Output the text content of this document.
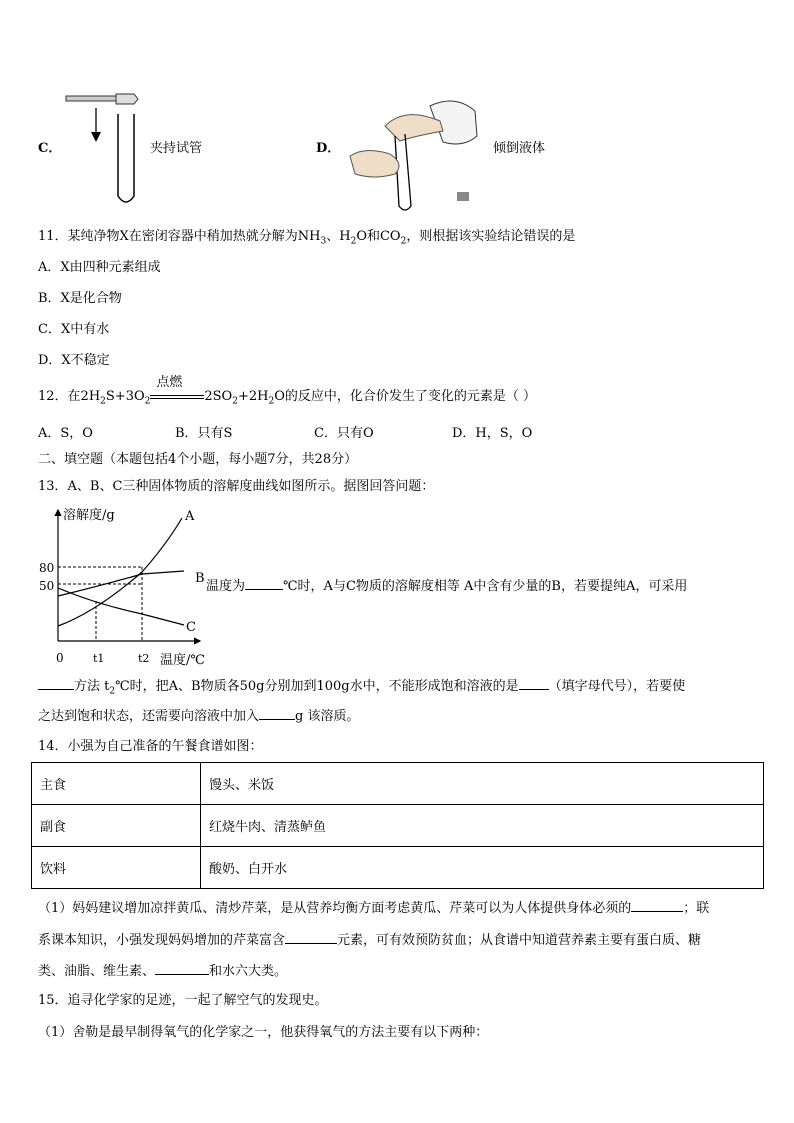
C．	夹持试管	D．	倾倒液体
11．某纯净物X在密闭容器中稍加热就分解为$NH_3$、$H_2O$和$CO_2$，则根据该实验结论错误的是
A．X由四种元素组成
B．X是化合物
C．X中有水
D．X不稳定
12．在$2H_2S+3O_2$
点燃
$2SO_2+2H_2O$的反应中，化合价发生了变化的元素是（ ）
A．S，O	B．只有S	C．只有O	D．H，S，O
二、填空题（本题包括4个小题，每小题7分，共28分）
13．A、B、C三种固体物质的溶解度曲线如图所示。据图回答问题：
溶解度/g
温度/℃
50
80
0	t1	t2
A
B
C
温度为	℃时，A与C物质的溶解度相等 A中含有少量的B，若要提纯A，可采用
方法 $t_2℃$时，把A、B物质各50g分别加到100g水中，不能形成饱和溶液的是 （填字母代号），若要使
之达到饱和状态，还需要向溶液中加入	g 该溶质。
14．小强为自己准备的午餐食谱如图：
主食	馒头、米饭
副食	红烧牛肉、清蒸鲈鱼
饮料	酸奶、白开水
（1）妈妈建议增加凉拌黄瓜、清炒芹菜，是从营养均衡方面考虑黄瓜、芹菜可以为人体提供身体必须的	；联
系课本知识，小强发现妈妈增加的芹菜富含	元素，可有效预防贫血；从食谱中知道营养素主要有蛋白质、糖
类、油脂、维生素、	和水六大类。
15．追寻化学家的足迹，一起了解空气的发现史。
（1）舍勒是最早制得氧气的化学家之一，他获得氧气的方法主要有以下两种：
